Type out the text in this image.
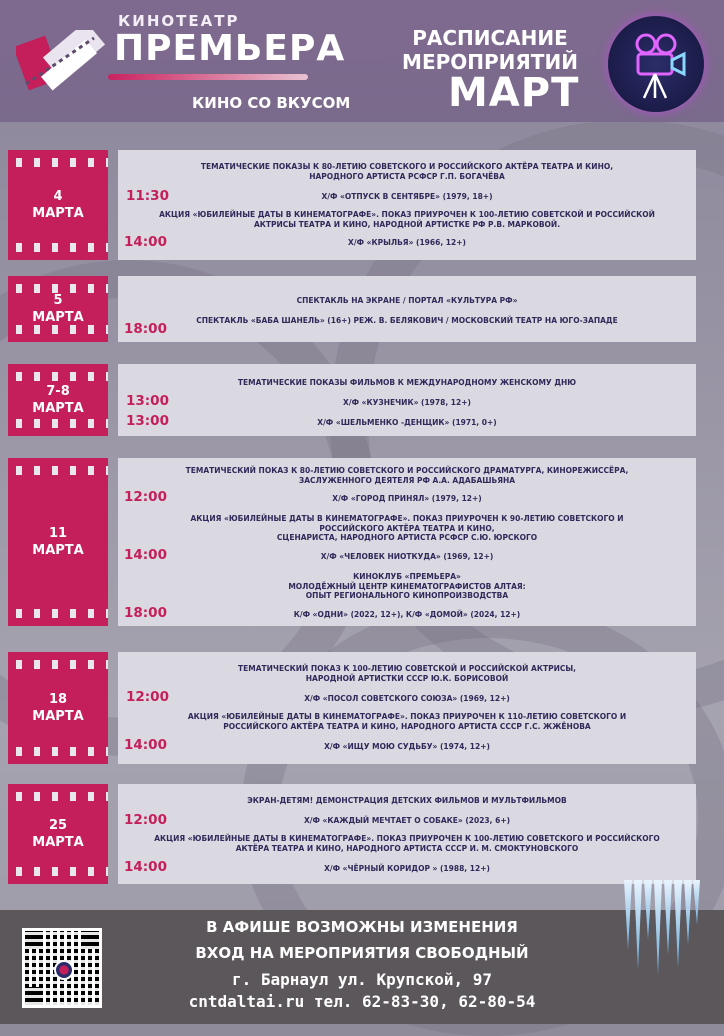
КИНОТЕАТР
ПРЕМЬЕРА
КИНО СО ВКУСОМ
РАСПИСАНИЕ
МЕРОПРИЯТИЙ
МАРТ
4
МАРТА
ТЕМАТИЧЕСКИЕ ПОКАЗЫ К 80-ЛЕТИЮ СОВЕТСКОГО И РОССИЙСКОГО АКТЁРА ТЕАТРА И КИНО,
НАРОДНОГО АРТИСТА РСФСР Г.П. БОГАЧЁВА
Х/Ф «ОТПУСК В СЕНТЯБРЕ» (1979, 18+)
АКЦИЯ «ЮБИЛЕЙНЫЕ ДАТЫ В КИНЕМАТОГРАФЕ». ПОКАЗ ПРИУРОЧЕН К 100-ЛЕТИЮ СОВЕТСКОЙ И РОССИЙСКОЙ
АКТРИСЫ ТЕАТРА И КИНО, НАРОДНОЙ АРТИСТКЕ РФ Р.В. МАРКОВОЙ.
Х/Ф «КРЫЛЬЯ» (1966, 12+)
11:30
14:00
5
МАРТА
СПЕКТАКЛЬ НА ЭКРАНЕ / ПОРТАЛ «КУЛЬТУРА РФ»
СПЕКТАКЛЬ «БАБА ШАНЕЛЬ» (16+) РЕЖ. В. БЕЛЯКОВИЧ / МОСКОВСКИЙ ТЕАТР НА ЮГО-ЗАПАДЕ
18:00
7-8
МАРТА
ТЕМАТИЧЕСКИЕ ПОКАЗЫ ФИЛЬМОВ К МЕЖДУНАРОДНОМУ ЖЕНСКОМУ ДНЮ
Х/Ф «КУЗНЕЧИК» (1978, 12+)
Х/Ф «ШЕЛЬМЕНКО -ДЕНЩИК» (1971, 0+)
13:00
13:00
11
МАРТА
ТЕМАТИЧЕСКИЙ ПОКАЗ К 80-ЛЕТИЮ СОВЕТСКОГО И РОССИЙСКОГО ДРАМАТУРГА, КИНОРЕЖИССЁРА,
ЗАСЛУЖЕННОГО ДЕЯТЕЛЯ РФ А.А. АДАБАШЬЯНА
Х/Ф «ГОРОД ПРИНЯЛ» (1979, 12+)
АКЦИЯ «ЮБИЛЕЙНЫЕ ДАТЫ В КИНЕМАТОГРАФЕ». ПОКАЗ ПРИУРОЧЕН К 90-ЛЕТИЮ СОВЕТСКОГО И
РОССИЙСКОГО АКТЁРА ТЕАТРА И КИНО,
СЦЕНАРИСТА, НАРОДНОГО АРТИСТА РСФСР С.Ю. ЮРСКОГО
Х/Ф «ЧЕЛОВЕК НИОТКУДА» (1969, 12+)
КИНОКЛУБ «ПРЕМЬЕРА»
МОЛОДЁЖНЫЙ ЦЕНТР КИНЕМАТОГРАФИСТОВ АЛТАЯ:
ОПЫТ РЕГИОНАЛЬНОГО КИНОПРОИЗВОДСТВА
К/Ф «ОДНИ» (2022, 12+), К/Ф «ДОМОЙ» (2024, 12+)
12:00
14:00
18:00
18
МАРТА
ТЕМАТИЧЕСКИЙ ПОКАЗ К 100-ЛЕТИЮ СОВЕТСКОЙ И РОССИЙСКОЙ АКТРИСЫ,
НАРОДНОЙ АРТИСТКИ СССР Ю.К. БОРИСОВОЙ
Х/Ф «ПОСОЛ СОВЕТСКОГО СОЮЗА» (1969, 12+)
АКЦИЯ «ЮБИЛЕЙНЫЕ ДАТЫ В КИНЕМАТОГРАФЕ». ПОКАЗ ПРИУРОЧЕН К 110-ЛЕТИЮ СОВЕТСКОГО И
РОССИЙСКОГО АКТЁРА ТЕАТРА И КИНО, НАРОДНОГО АРТИСТА СССР Г.С. ЖЖЁНОВА
Х/Ф «ИЩУ МОЮ СУДЬБУ» (1974, 12+)
12:00
14:00
25
МАРТА
ЭКРАН-ДЕТЯМ! ДЕМОНСТРАЦИЯ ДЕТСКИХ ФИЛЬМОВ И МУЛЬТФИЛЬМОВ
Х/Ф «КАЖДЫЙ МЕЧТАЕТ О СОБАКЕ» (2023, 6+)
АКЦИЯ «ЮБИЛЕЙНЫЕ ДАТЫ В КИНЕМАТОГРАФЕ». ПОКАЗ ПРИУРОЧЕН К 100-ЛЕТИЮ СОВЕТСКОГО И РОССИЙСКОГО
АКТЁРА ТЕАТРА И КИНО, НАРОДНОГО АРТИСТА СССР И. М. СМОКТУНОВСКОГО
Х/Ф «ЧЁРНЫЙ КОРИДОР » (1988, 12+)
12:00
14:00
В АФИШЕ ВОЗМОЖНЫ ИЗМЕНЕНИЯ
ВХОД НА МЕРОПРИЯТИЯ СВОБОДНЫЙ
г. Барнаул ул. Крупской, 97
cntdaltai.ru тел. 62-83-30, 62-80-54
